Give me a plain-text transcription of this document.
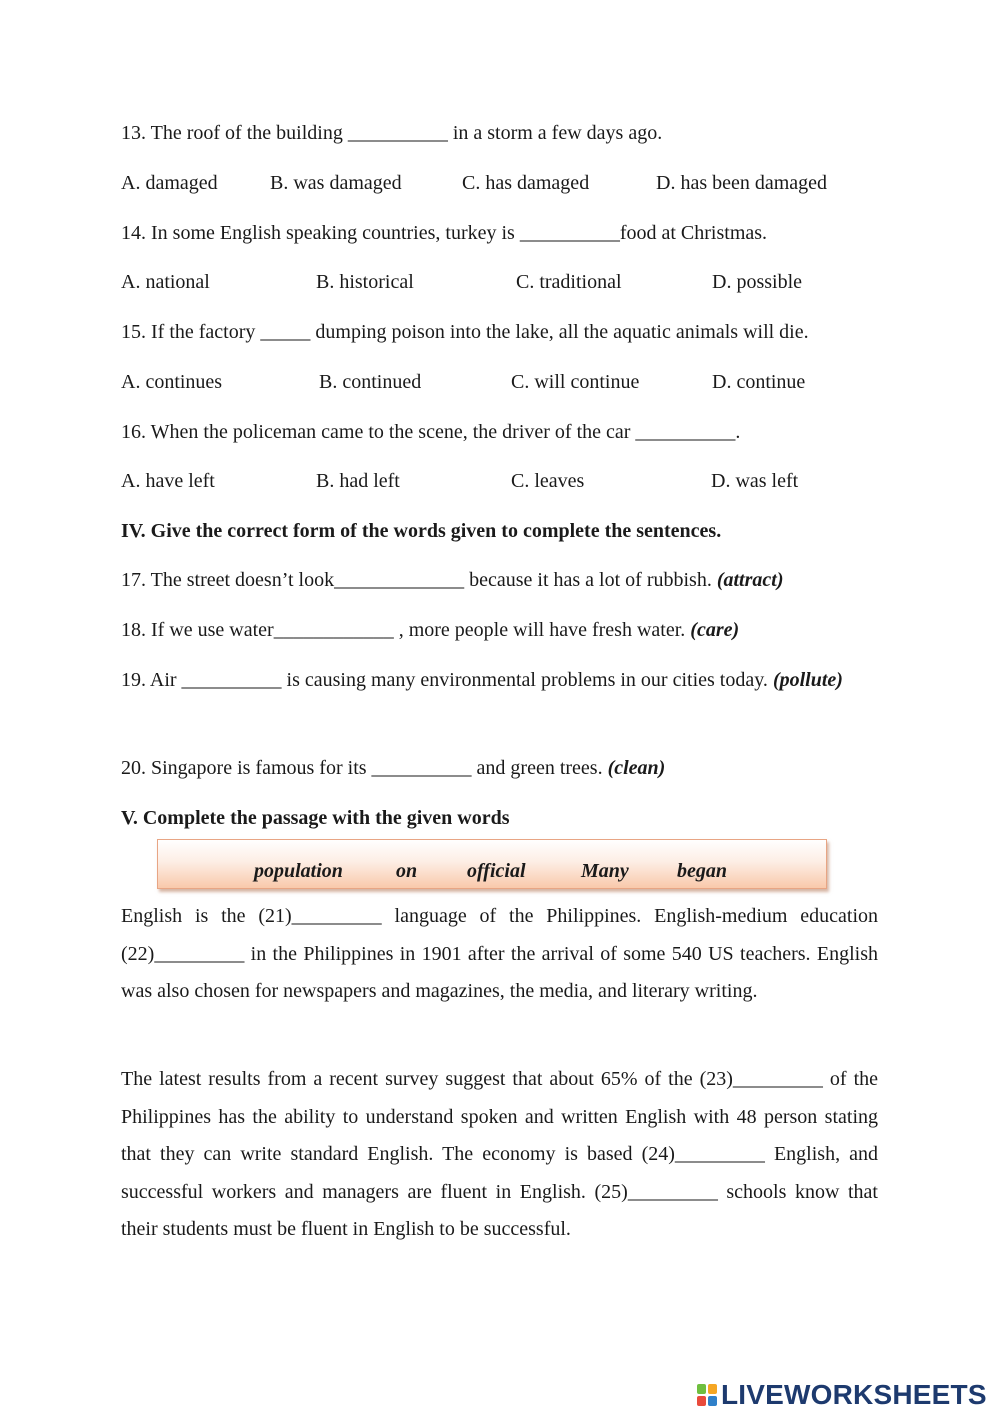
13. The roof of the building __________ in a storm a few days ago.
A. damaged	B. was damaged	C. has damaged	D. has been damaged
14. In some English speaking countries, turkey is __________food at Christmas.
A. national	B. historical	C. traditional	D. possible
15. If the factory _____ dumping poison into the lake, all the aquatic animals will die.
A. continues	B. continued	C. will continue	D. continue
16. When the policeman came to the scene, the driver of the car __________.
A. have left	B. had left	C. leaves	D. was left
IV. Give the correct form of the words given to complete the sentences.
17. The street doesn’t look_____________ because it has a lot of rubbish. (attract)
18. If we use water____________ , more people will have fresh water. (care)
19. Air __________ is causing many environmental problems in our cities today. (pollute)
20. Singapore is famous for its __________ and green trees. (clean)
V. Complete the passage with the given words
population	on official	Many began
English is the (21)_________ language of the Philippines. English-medium education (22)_________ in the Philippines in 1901 after the arrival of some 540 US teachers. English was also chosen for newspapers and magazines, the media, and literary writing.
The latest results from a recent survey suggest that about 65% of the (23)_________ of the Philippines has the ability to understand spoken and written English with 48 person stating that they can write standard English. The economy is based (24)_________ English, and successful workers and managers are fluent in English. (25)_________ schools know that their students must be fluent in English to be successful.
LIVEWORKSHEETS
